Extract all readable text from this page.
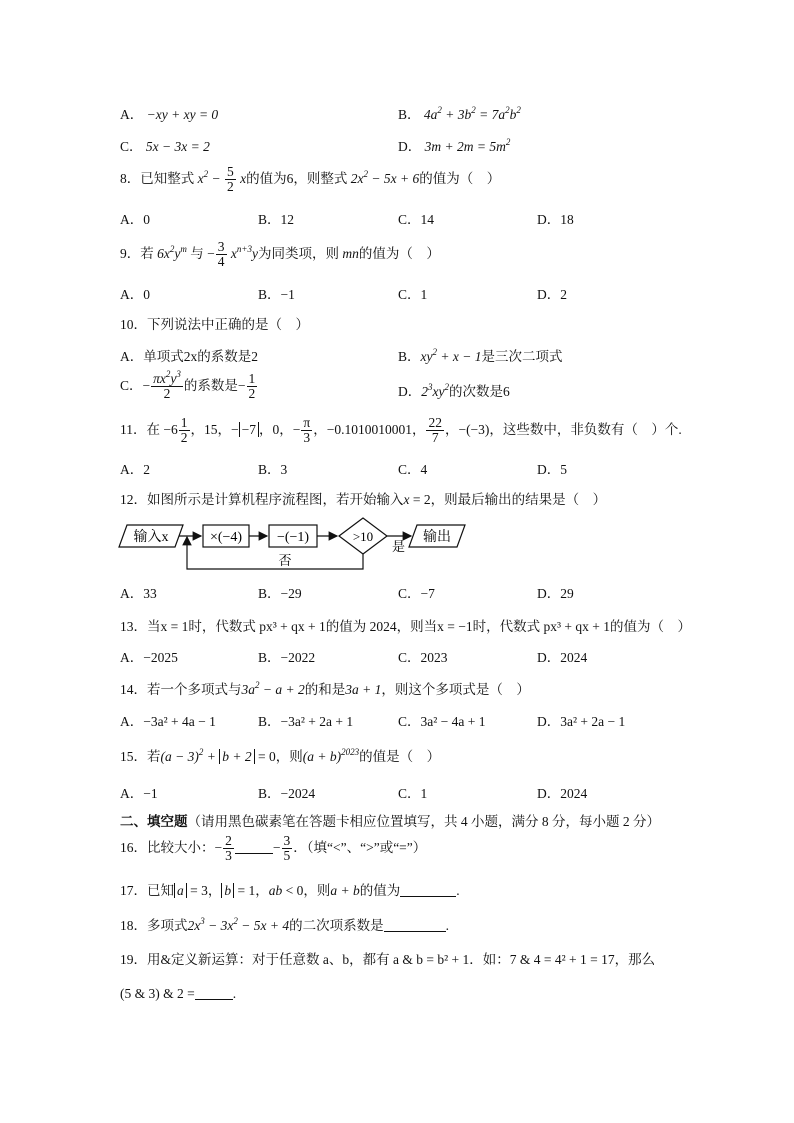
A． −xy + xy = 0	B． $4a^2 + 3b^2 = 7a^2b^2$
C． 5x − 3x = 2	D． $3m + 2m = 5m^2$
8．已知整式 $x^2 - \frac{5}{2}$ x的值为6，则整式 $2x^2 - 5x + 6$的值为（　）
A．0	B．12	C．14	D．18
9．若 $6x^2y^m$ 与 − $\frac{3}{4} x^{n+3}y$为同类项，则 mn的值为（　）
A．0	B．−1	C．1	D．2
10．下列说法中正确的是（　）
A．单项式2x的系数是2	B．$xy^2 + x - 1$是三次二项式
C．− $\frac{\pi x^2y^3}{2}$ 的系数是− $\frac{1}{2}$	D．$2^3xy^2$的次数是6
11．在 $-6 \frac{1}{2}$ ，15，− −7 ，0，− $\frac{\pi}{3}$ ，−0.1010010001， $\frac{22}{7}$ ，−(−3)，这些数中，非负数有（　）个.
A．2	B．3	C．4	D．5
12．如图所示是计算机程序流程图，若开始输入x = 2，则最后输出的结果是（　）
输入x	×(−4) −(−1)	>10
是
输出
否
A．33	B．−29	C．−7	D．29
13．当x = 1时，代数式 px³ + qx + 1的值为 2024，则当x = −1时，代数式 px³ + qx + 1的值为（　）
A．−2025	B．−2022	C．2023	D．2024
14．若一个多项式与$3a^2 - a + 2$的和是3a + 1，则这个多项式是（　）
A．−3a² + 4a − 1	B．−3a² + 2a + 1	C．3a² − 4a + 1	D．3a² + 2a − 1
15．若$(a - 3)^2 + b + 2 = 0$，则$(a + b)^{2023}$的值是（　）
A．−1	B．−2024	C．1	D．2024
二、填空题（请用黑色碳素笔在答题卡相应位置填写，共 4 小题，满分 8 分，每小题 2 分）
16．比较大小：− $\frac{2}{3}$	− $\frac{3}{5}$ ．（填“<”、“>”或“=”）
17．已知 a = 3， b = 1，ab < 0，则a + b的值为	.
18．多项式$2x^3 - 3x^2 - 5x + 4$的二次项系数是	.
19．用&定义新运算：对于任意数 a、b，都有 a & b = b² + 1．如：7 & 4 = 4² + 1 = 17，那么
(5 & 3) & 2 =	.
